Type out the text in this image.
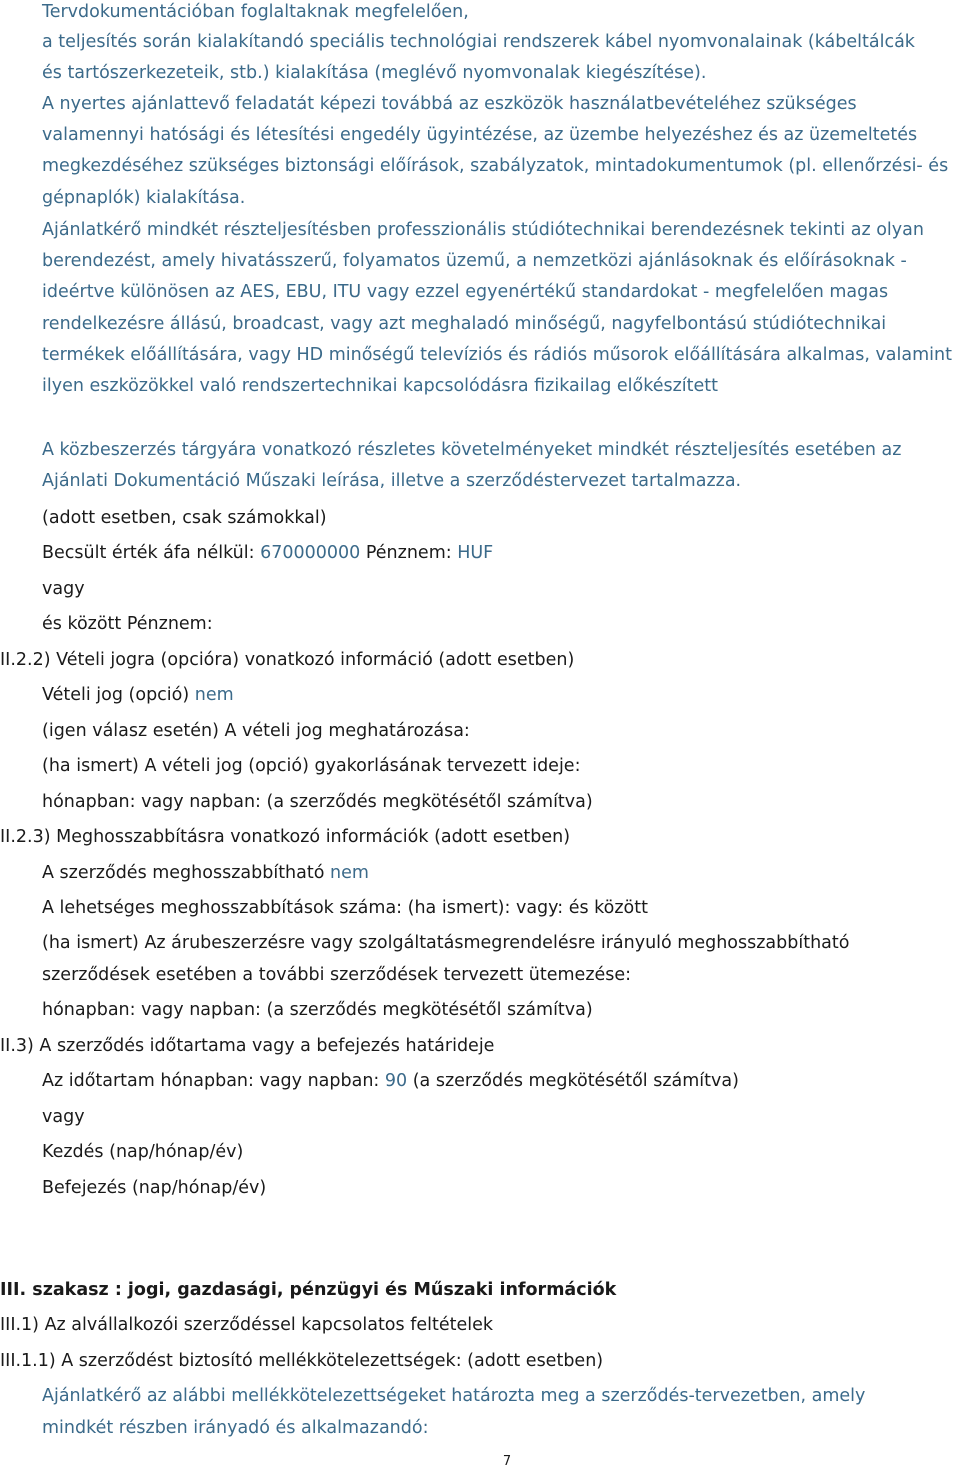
Tervdokumentációban foglaltaknak megfelelően,
a teljesítés során kialakítandó speciális technológiai rendszerek kábel nyomvonalainak (kábeltálcák
és tartószerkezeteik, stb.) kialakítása (meglévő nyomvonalak kiegészítése).

A nyertes ajánlattevő feladatát képezi továbbá az eszközök használatbevételéhez szükséges valamennyi hatósági és létesítési engedély ügyintézése, az üzembe helyezéshez és az üzemeltetés megkezdéséhez szükséges biztonsági előírások, szabályzatok, mintadokumentumok (pl. ellenőrzési- és gépnaplók) kialakítása.

Ajánlatkérő mindkét részteljesítésben professzionális stúdiótechnikai berendezésnek tekinti az olyan berendezést, amely hivatásszerű, folyamatos üzemű, a nemzetközi ajánlásoknak és előírásoknak - ideértve különösen az AES, EBU, ITU vagy ezzel egyenértékű standardokat - megfelelően magas rendelkezésre állású, broadcast, vagy azt meghaladó minőségű, nagyfelbontású stúdiótechnikai termékek előállítására, vagy HD minőségű televíziós és rádiós műsorok előállítására alkalmas, valamint ilyen eszközökkel való rendszertechnikai kapcsolódásra fizikailag előkészített

A közbeszerzés tárgyára vonatkozó részletes követelményeket mindkét részteljesítés esetében az Ajánlati Dokumentáció Műszaki leírása, illetve a szerződéstervezet tartalmazza.

(adott esetben, csak számokkal)
Becsült érték áfa nélkül: 670000000 Pénznem: HUF
vagy
és között Pénznem:
II.2.2) Vételi jogra (opcióra) vonatkozó információ (adott esetben)
Vételi jog (opció) nem
(igen válasz esetén) A vételi jog meghatározása:
(ha ismert) A vételi jog (opció) gyakorlásának tervezett ideje:
hónapban: vagy napban: (a szerződés megkötésétől számítva)
II.2.3) Meghosszabbításra vonatkozó információk (adott esetben)
A szerződés meghosszabbítható nem
A lehetséges meghosszabbítások száma: (ha ismert): vagy: és között
(ha ismert) Az árubeszerzésre vagy szolgáltatásmegrendelésre irányuló meghosszabbítható
szerződések esetében a további szerződések tervezett ütemezése:
hónapban: vagy napban: (a szerződés megkötésétől számítva)
II.3) A szerződés időtartama vagy a befejezés határideje
Az időtartam hónapban: vagy napban: 90 (a szerződés megkötésétől számítva)
vagy
Kezdés (nap/hónap/év)
Befejezés (nap/hónap/év)
III. szakasz : jogi, gazdasági, pénzügyi és Műszaki információk
III.1) Az alvállalkozói szerződéssel kapcsolatos feltételek
III.1.1) A szerződést biztosító mellékkötelezettségek: (adott esetben)
Ajánlatkérő az alábbi mellékkötelezettségeket határozta meg a szerződés-tervezetben, amely
mindkét részben irányadó és alkalmazandó:
7
